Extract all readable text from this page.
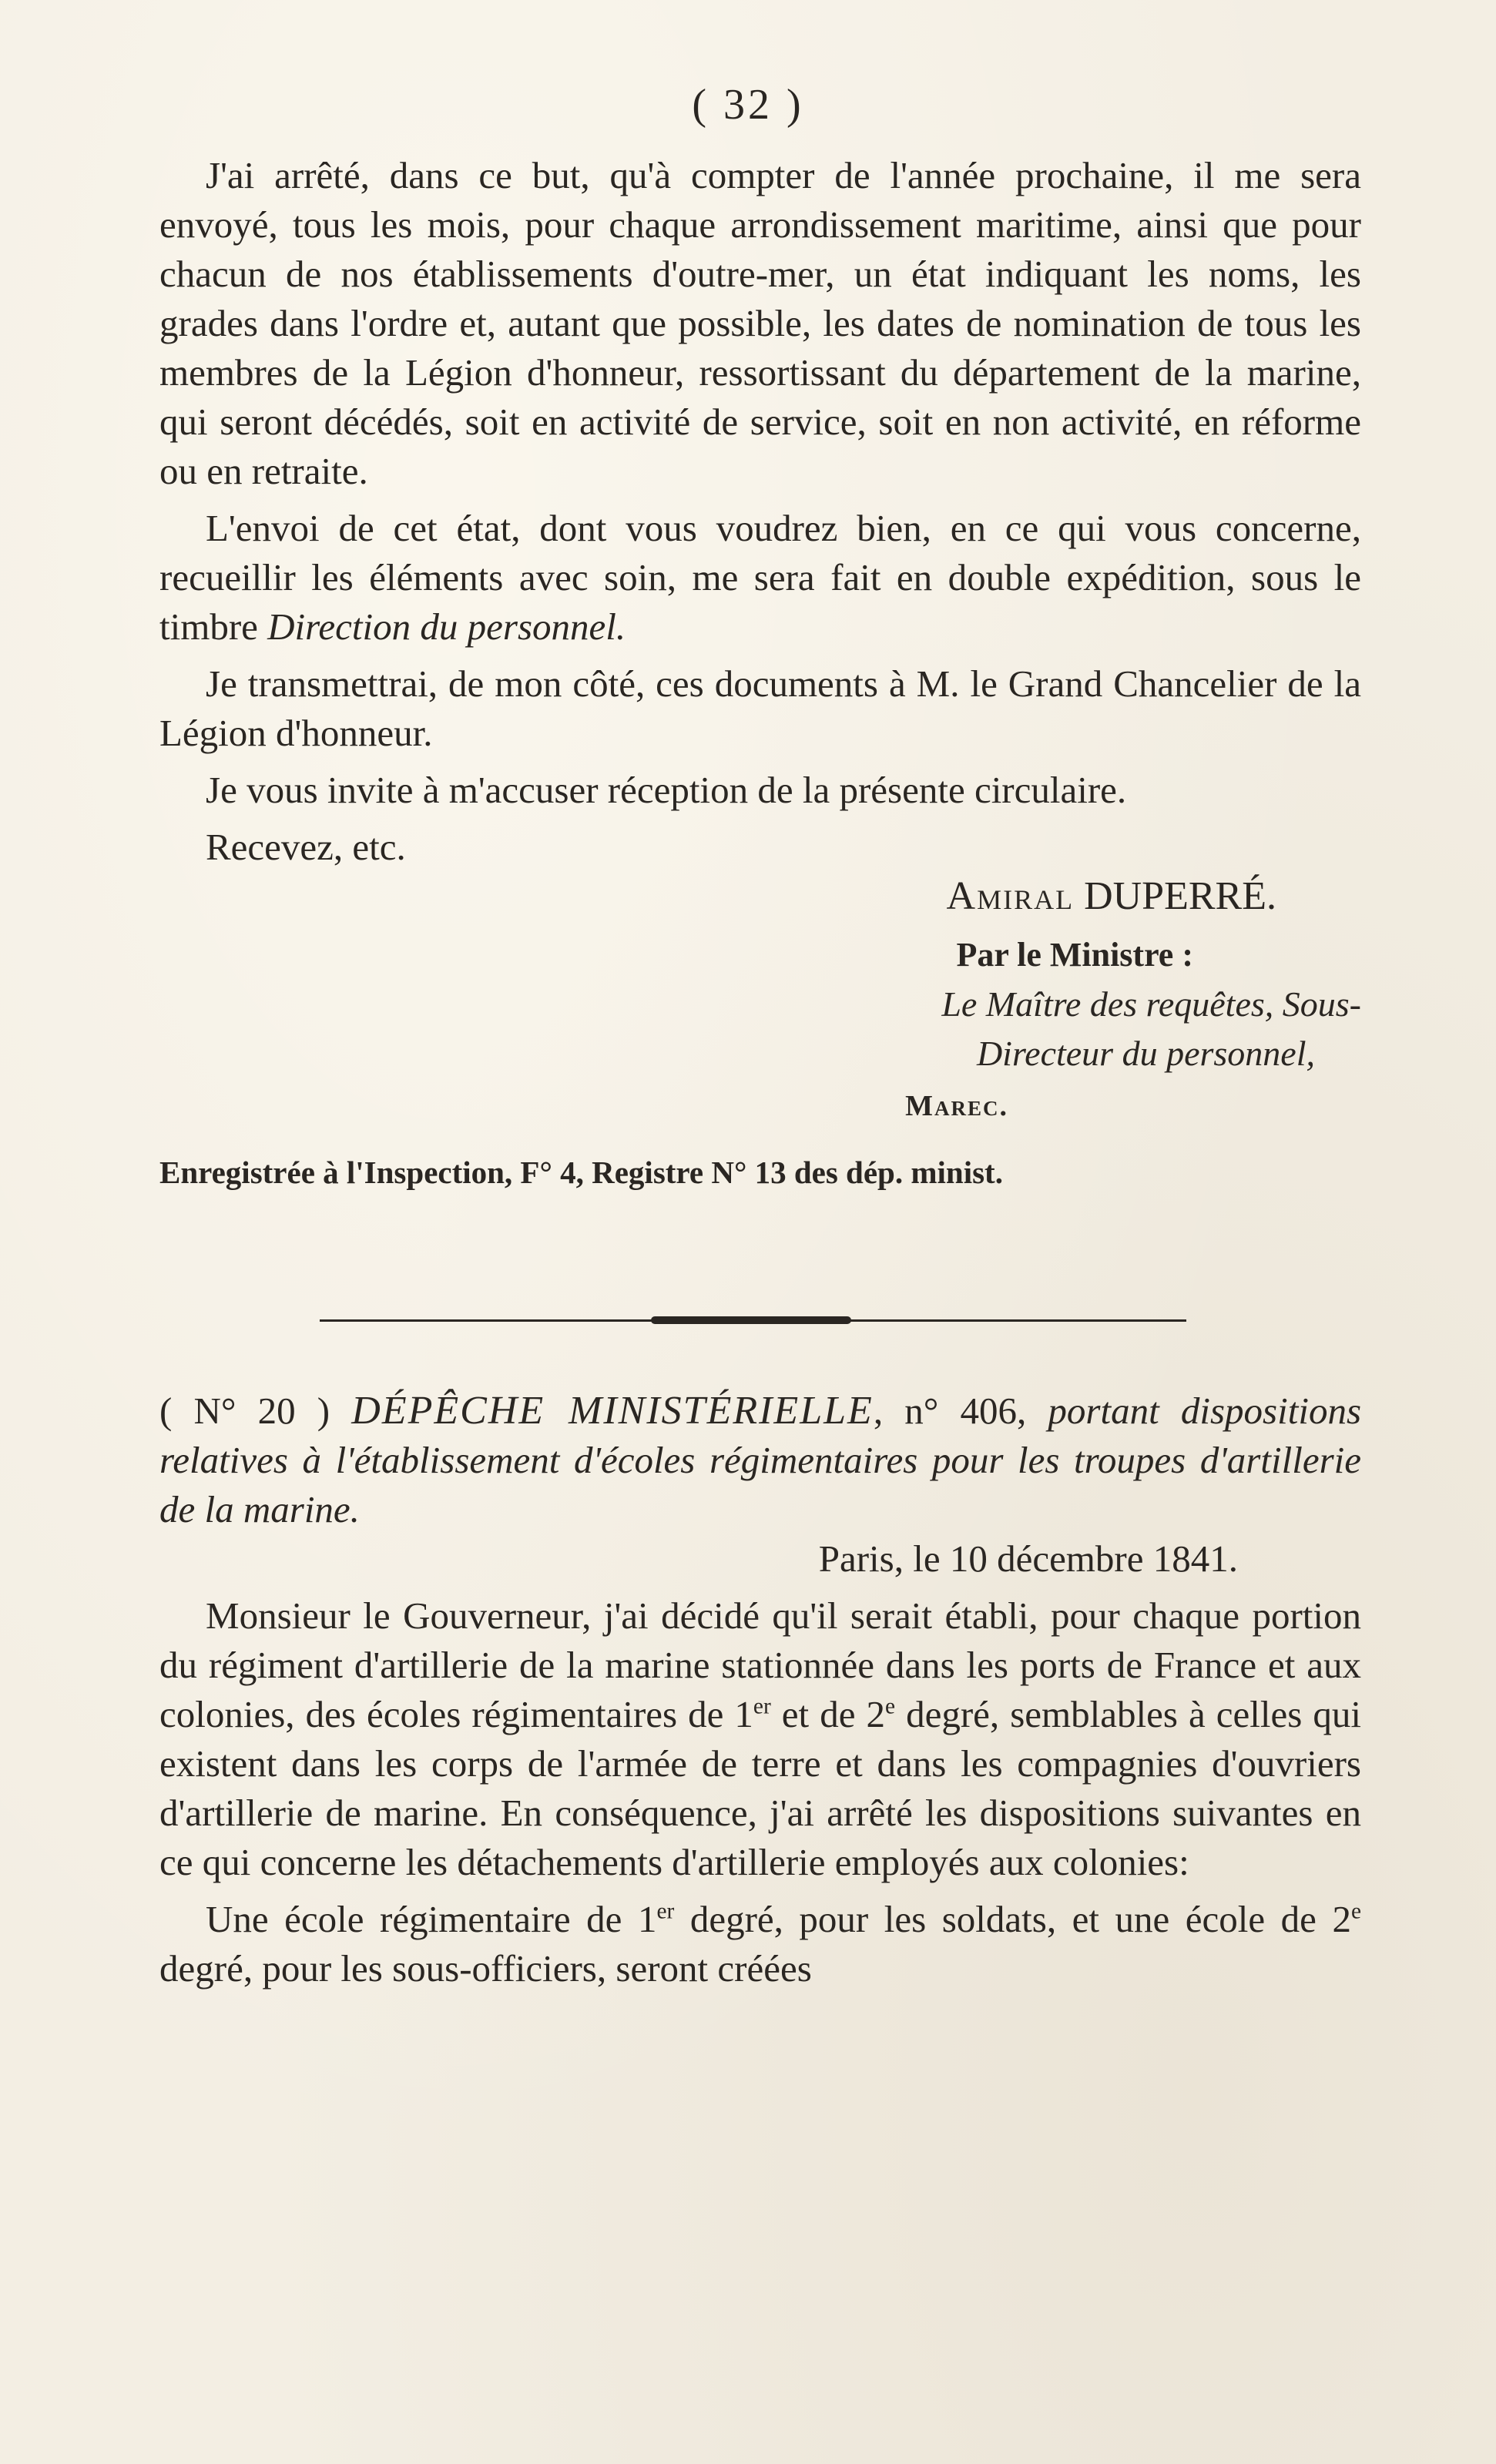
( 32 )

J'ai arrêté, dans ce but, qu'à compter de l'année prochaine, il me sera envoyé, tous les mois, pour chaque arrondissement maritime, ainsi que pour chacun de nos établissements d'outre-mer, un état indiquant les noms, les grades dans l'ordre et, autant que possible, les dates de nomination de tous les membres de la Légion d'honneur, ressortissant du département de la marine, qui seront décédés, soit en activité de service, soit en non activité, en réforme ou en retraite.

L'envoi de cet état, dont vous voudrez bien, en ce qui vous concerne, recueillir les éléments avec soin, me sera fait en double expédition, sous le timbre Direction du personnel.

Je transmettrai, de mon côté, ces documents à M. le Grand Chancelier de la Légion d'honneur.

Je vous invite à m'accuser réception de la présente circulaire.

Recevez, etc.

Amiral DUPERRÉ.

Par le Ministre :

Le Maître des requêtes, Sous-

Directeur du personnel,

Marec.

Enregistrée à l'Inspection, F° 4, Registre N° 13 des dép. minist.

( N° 20 ) DÉPÊCHE MINISTÉRIELLE, n° 406, portant dispositions relatives à l'établissement d'écoles régimentaires pour les troupes d'artillerie de la marine.

Paris, le 10 décembre 1841.

Monsieur le Gouverneur, j'ai décidé qu'il serait établi, pour chaque portion du régiment d'artillerie de la marine stationnée dans les ports de France et aux colonies, des écoles régimentaires de 1er et de 2e degré, semblables à celles qui existent dans les corps de l'armée de terre et dans les compagnies d'ouvriers d'artillerie de marine. En conséquence, j'ai arrêté les dispositions suivantes en ce qui concerne les détachements d'artillerie employés aux colonies:

Une école régimentaire de 1er degré, pour les soldats, et une école de 2e degré, pour les sous-officiers, seront créées
